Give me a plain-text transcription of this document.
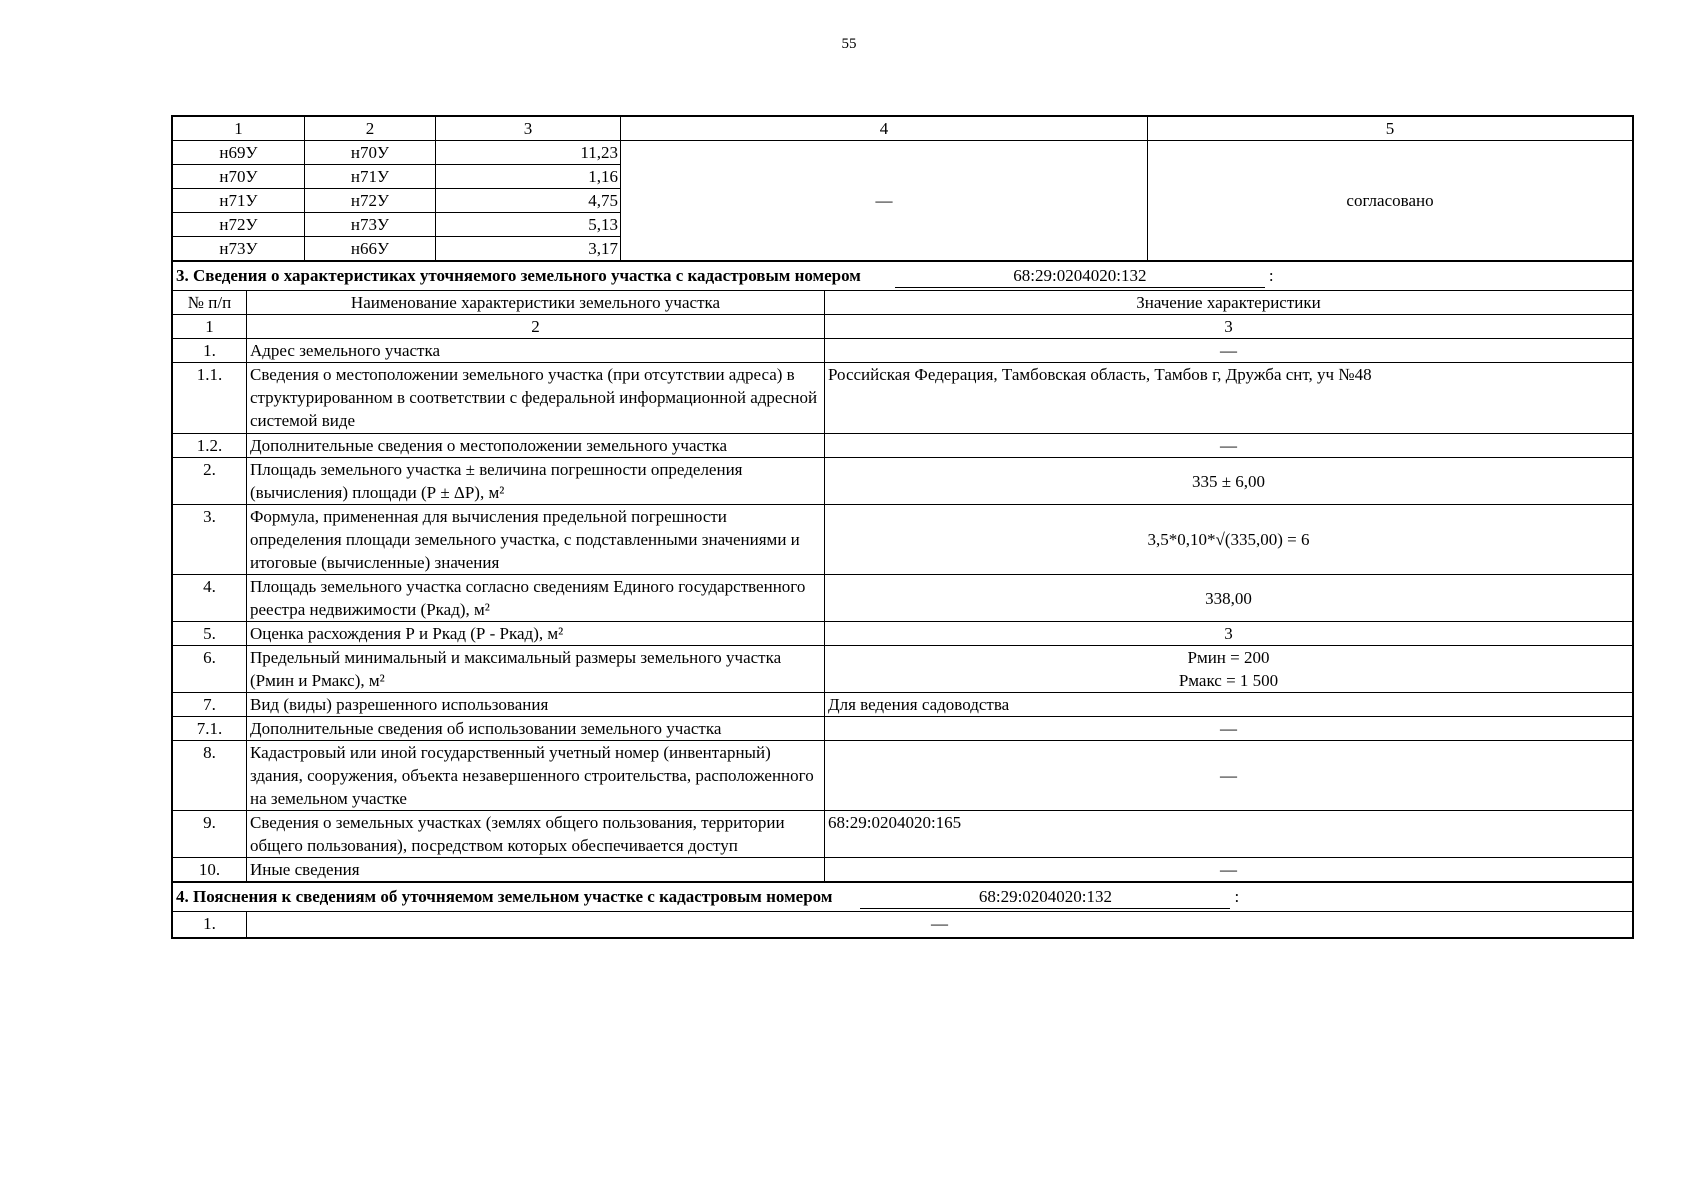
55
1	2	3	4	5
н69У	н70У	11,23	—	согласовано
н70У	н71У	1,16		
н71У	н72У	4,75		
н72У	н73У	5,13		
н73У	н66У	3,17		
3. Сведения о характеристиках уточняемого земельного участка с кадастровым номером 68:29:0204020:132 :		
№ п/п	Наименование характеристики земельного участка	Значение характеристики
1	2	3
1.	Адрес земельного участка	—
1.1.	Сведения о местоположении земельного участка (при отсутствии адреса) в структурированном в соответствии с федеральной информационной адресной системой виде	Российская Федерация, Тамбовская область, Тамбов г, Дружба снт, уч №48
1.2.	Дополнительные сведения о местоположении земельного участка	—
2.	Площадь земельного участка ± величина погрешности определения (вычисления) площади (Р ± ΔР), м²	335 ± 6,00
3.	Формула, примененная для вычисления предельной погрешности определения площади земельного участка, с подставленными значениями и итоговые (вычисленные) значения	3,5*0,10*√(335,00) = 6
4.	Площадь земельного участка согласно сведениям Единого государственного реестра недвижимости (Ркад), м²	338,00
5.	Оценка расхождения Р и Ркад (Р - Ркад), м²	3
6.	Предельный минимальный и максимальный размеры земельного участка (Рмин и Рмакс), м²	Рмин = 200
Рмакс = 1 500

7.	Вид (виды) разрешенного использования	Для ведения садоводства
7.1.	Дополнительные сведения об использовании земельного участка	—
8.	Кадастровый или иной государственный учетный номер (инвентарный) здания, сооружения, объекта незавершенного строительства, расположенного на земельном участке	—
9.	Сведения о земельных участках (землях общего пользования, территории общего пользования), посредством которых обеспечивается доступ	68:29:0204020:165
10.	Иные сведения	—
4. Пояснения к сведениям об уточняемом земельном участке с кадастровым номером	68:29:0204020:132	:
1.	—
